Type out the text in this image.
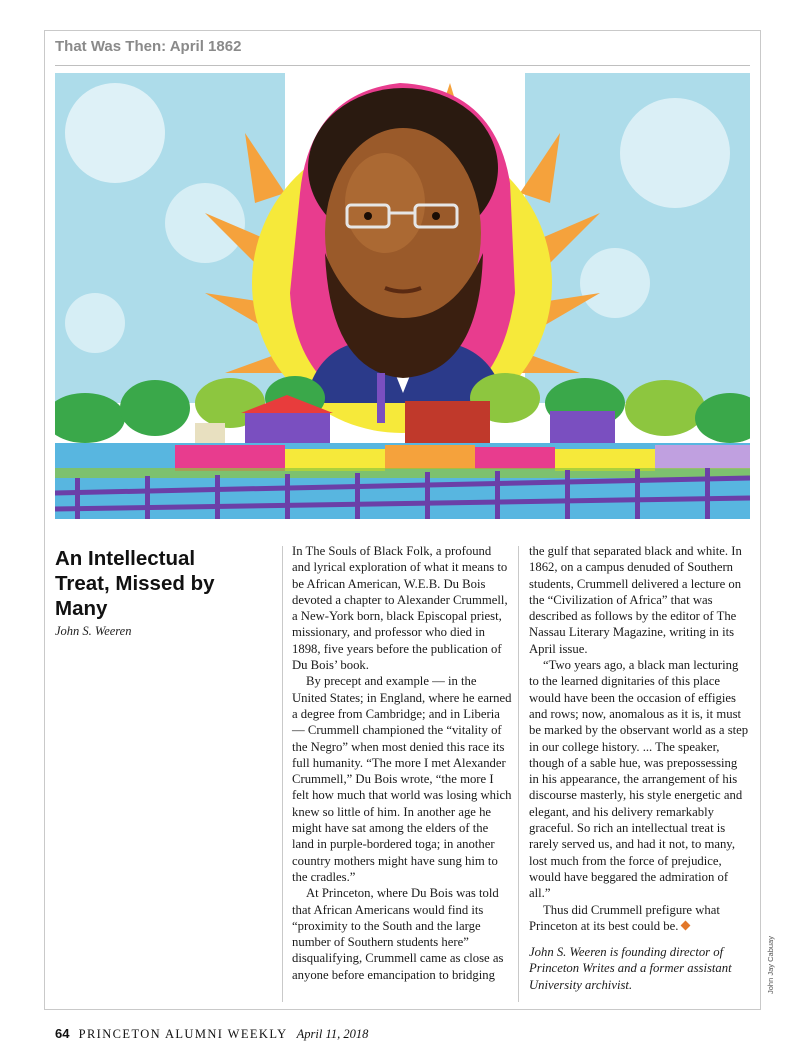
That Was Then: April 1862
An Intellectual Treat, Missed by Many
John S. Weeren

In The Souls of Black Folk, a profound and lyrical exploration of what it means to be African American, W.E.B. Du Bois devoted a chapter to Alexander Crummell, a New-York born, black Episcopal priest, missionary, and professor who died in 1898, five years before the publication of Du Bois’ book.

By precept and example — in the United States; in England, where he earned a degree from Cambridge; and in Liberia — Crummell championed the “vitality of the Negro” when most denied this race its full humanity. “The more I met Alexander Crummell,” Du Bois wrote, “the more I felt how much that world was losing which knew so little of him. In another age he might have sat among the elders of the land in purple-bordered toga; in another country mothers might have sung him to the cradles.”

At Princeton, where Du Bois was told that African Americans would find its “proximity to the South and the large number of Southern students here” disqualifying, Crummell came as close as anyone before emancipation to bridging

the gulf that separated black and white. In 1862, on a campus denuded of Southern students, Crummell delivered a lecture on the “Civilization of Africa” that was described as follows by the editor of The Nassau Literary Magazine, writing in its April issue.

“Two years ago, a black man lecturing to the learned dignitaries of this place would have been the occasion of effigies and rows; now, anomalous as it is, it must be marked by the observant world as a step in our college history. ... The speaker, though of a sable hue, was prepossessing in his appearance, the arrangement of his discourse masterly, his style energetic and elegant, and his delivery remarkably graceful. So rich an intellectual treat is rarely served us, and had it not, to many, lost much from the force of prejudice, would have beggared the admiration of all.”

Thus did Crummell prefigure what Princeton at its best could be.

John S. Weeren is founding director of Princeton Writes and a former assistant University archivist.	John Jay Cabuay
64 PRINCETON ALUMNI WEEKLY April 11, 2018
